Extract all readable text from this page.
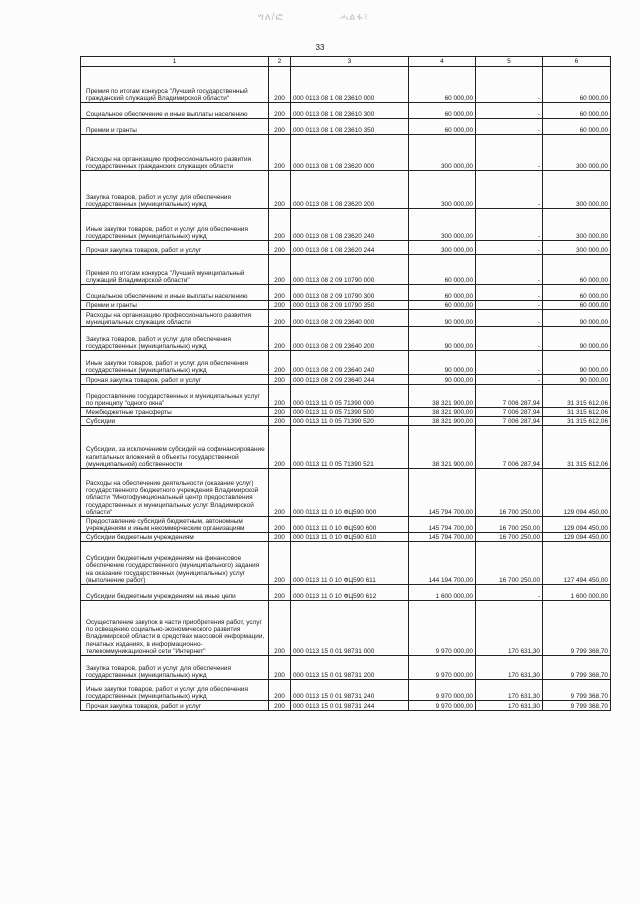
ግለ/ፎ	ሓልፋ፣
33
1	2	3	4	5	6

Премия по итогам конкурса "Лучший государственный гражданский служащий Владимирской области"	200	000 0113 08 1 08 23610 000	60 000,00	-	60 000,00

Социальное обеспечение и иные выплаты населению	200	000 0113 08 1 08 23610 300	60 000,00	-	60 000,00

Премии и гранты	200	000 0113 08 1 08 23610 350	60 000,00	-	60 000,00

Расходы на организацию профессионального развития государственных гражданских служащих области	200	000 0113 08 1 08 23620 000	300 000,00	-	300 000,00

Закупка товаров, работ и услуг для обеспечения государственных (муниципальных) нужд	200	000 0113 08 1 08 23620 200	300 000,00	-	300 000,00

Иные закупки товаров, работ и услуг для обеспечения государственных (муниципальных) нужд	200	000 0113 08 1 08 23620 240	300 000,00	-	300 000,00

Прочая закупка товаров, работ и услуг	200	000 0113 08 1 08 23620 244	300 000,00	-	300 000,00

Премия по итогам конкурса "Лучший муниципальный служащий Владимирской области"	200	000 0113 08 2 09 10790 000	60 000,00	-	60 000,00

Социальное обеспечение и иные выплаты населению	200	000 0113 08 2 09 10790 300	60 000,00	-	60 000,00

Премии и гранты	200	000 0113 08 2 09 10790 350	60 000,00	-	60 000,00

Расходы на организацию профессионального развития муниципальных служащих области	200	000 0113 08 2 09 23640 000	90 000,00	-	90 000,00

Закупка товаров, работ и услуг для обеспечения государственных (муниципальных) нужд	200	000 0113 08 2 09 23640 200	90 000,00	-	90 000,00

Иные закупки товаров, работ и услуг для обеспечения государственных (муниципальных) нужд	200	000 0113 08 2 09 23640 240	90 000,00	-	90 000,00

Прочая закупка товаров, работ и услуг	200	000 0113 08 2 09 23640 244	90 000,00	-	90 000,00

Предоставление государственных и муниципальных услуг по принципу "одного окна"	200	000 0113 11 0 05 71390 000	38 321 900,00	7 006 287,94	31 315 612,06

Межбюджетные трансферты	200	000 0113 11 0 05 71390 500	38 321 900,00	7 006 287,94	31 315 612,06

Субсидии	200	000 0113 11 0 05 71390 520	38 321 900,00	7 006 287,94	31 315 612,06

Субсидии, за исключением субсидий на софинансирование капитальных вложений в объекты государственной (муниципальной) собственности	200	000 0113 11 0 05 71390 521	38 321 900,00	7 006 287,94	31 315 612,06

Расходы на обеспечение деятельности (оказание услуг) государственного бюджетного учреждения Владимирской области "Многофункциональный центр предоставления государственных и муниципальных услуг Владимирской области"	200	000 0113 11 0 10 ФЦ590 000	145 794 700,00	16 700 250,00	129 094 450,00

Предоставление субсидий бюджетным, автономным учреждениям и иным некоммерческим организациям	200	000 0113 11 0 10 ФЦ590 600	145 794 700,00	16 700 250,00	129 094 450,00

Субсидии бюджетным учреждениям	200	000 0113 11 0 10 ФЦ590 610	145 794 700,00	16 700 250,00	129 094 450,00

Субсидии бюджетным учреждениям на финансовое обеспечение государственного (муниципального) задания на оказание государственных (муниципальных) услуг (выполнение работ)	200	000 0113 11 0 10 ФЦ590 611	144 194 700,00	16 700 250,00	127 494 450,00

Субсидии бюджетным учреждениям на иные цели	200	000 0113 11 0 10 ФЦ590 612	1 600 000,00	-	1 600 000,00

Осуществление закупок в части приобретения работ, услуг по освещению социально-экономического развития Владимирской области в средствах массовой информации, печатных изданиях, в информационно-телекоммуникационной сети "Интернет"	200	000 0113 15 0 01 98731 000	9 970 000,00	170 631,30	9 799 368,70

Закупка товаров, работ и услуг для обеспечения государственных (муниципальных) нужд	200	000 0113 15 0 01 98731 200	9 970 000,00	170 631,30	9 799 368,70

Иные закупки товаров, работ и услуг для обеспечения государственных (муниципальных) нужд	200	000 0113 15 0 01 98731 240	9 970 000,00	170 631,30	9 799 368,70

Прочая закупка товаров, работ и услуг	200	000 0113 15 0 01 98731 244	9 970 000,00	170 631,30	9 799 368,70
